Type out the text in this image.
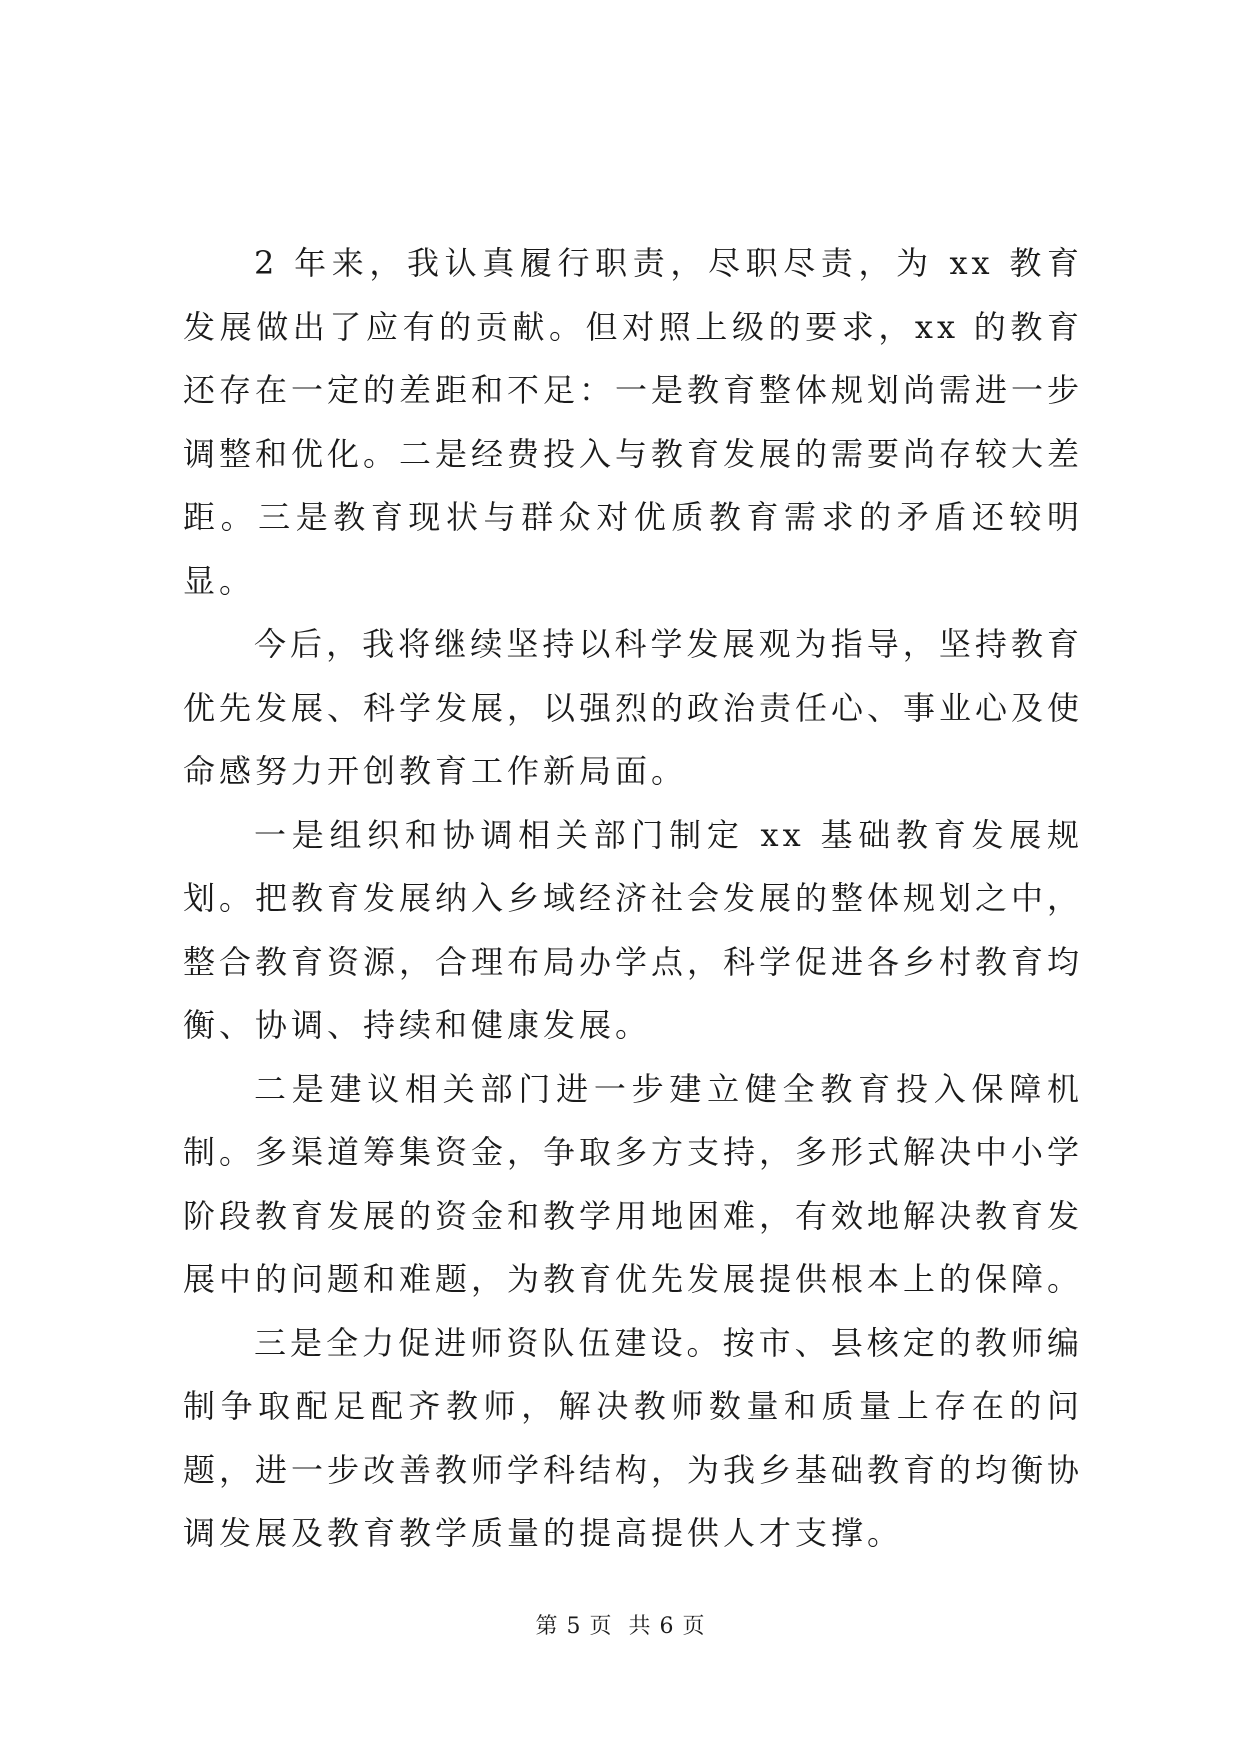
2 年来，我认真履行职责，尽职尽责，为 xx 教育发展做出了应有的贡献。但对照上级的要求，xx 的教育还存在一定的差距和不足：一是教育整体规划尚需进一步调整和优化。二是经费投入与教育发展的需要尚存较大差距。三是教育现状与群众对优质教育需求的矛盾还较明显。

今后，我将继续坚持以科学发展观为指导，坚持教育优先发展、科学发展，以强烈的政治责任心、事业心及使命感努力开创教育工作新局面。

一是组织和协调相关部门制定 xx 基础教育发展规划。把教育发展纳入乡域经济社会发展的整体规划之中，整合教育资源，合理布局办学点，科学促进各乡村教育均衡、协调、持续和健康发展。

二是建议相关部门进一步建立健全教育投入保障机制。多渠道筹集资金，争取多方支持，多形式解决中小学阶段教育发展的资金和教学用地困难，有效地解决教育发展中的问题和难题，为教育优先发展提供根本上的保障。

三是全力促进师资队伍建设。按市、县核定的教师编制争取配足配齐教师，解决教师数量和质量上存在的问题，进一步改善教师学科结构，为我乡基础教育的均衡协调发展及教育教学质量的提高提供人才支撑。

第 5 页  共 6 页
